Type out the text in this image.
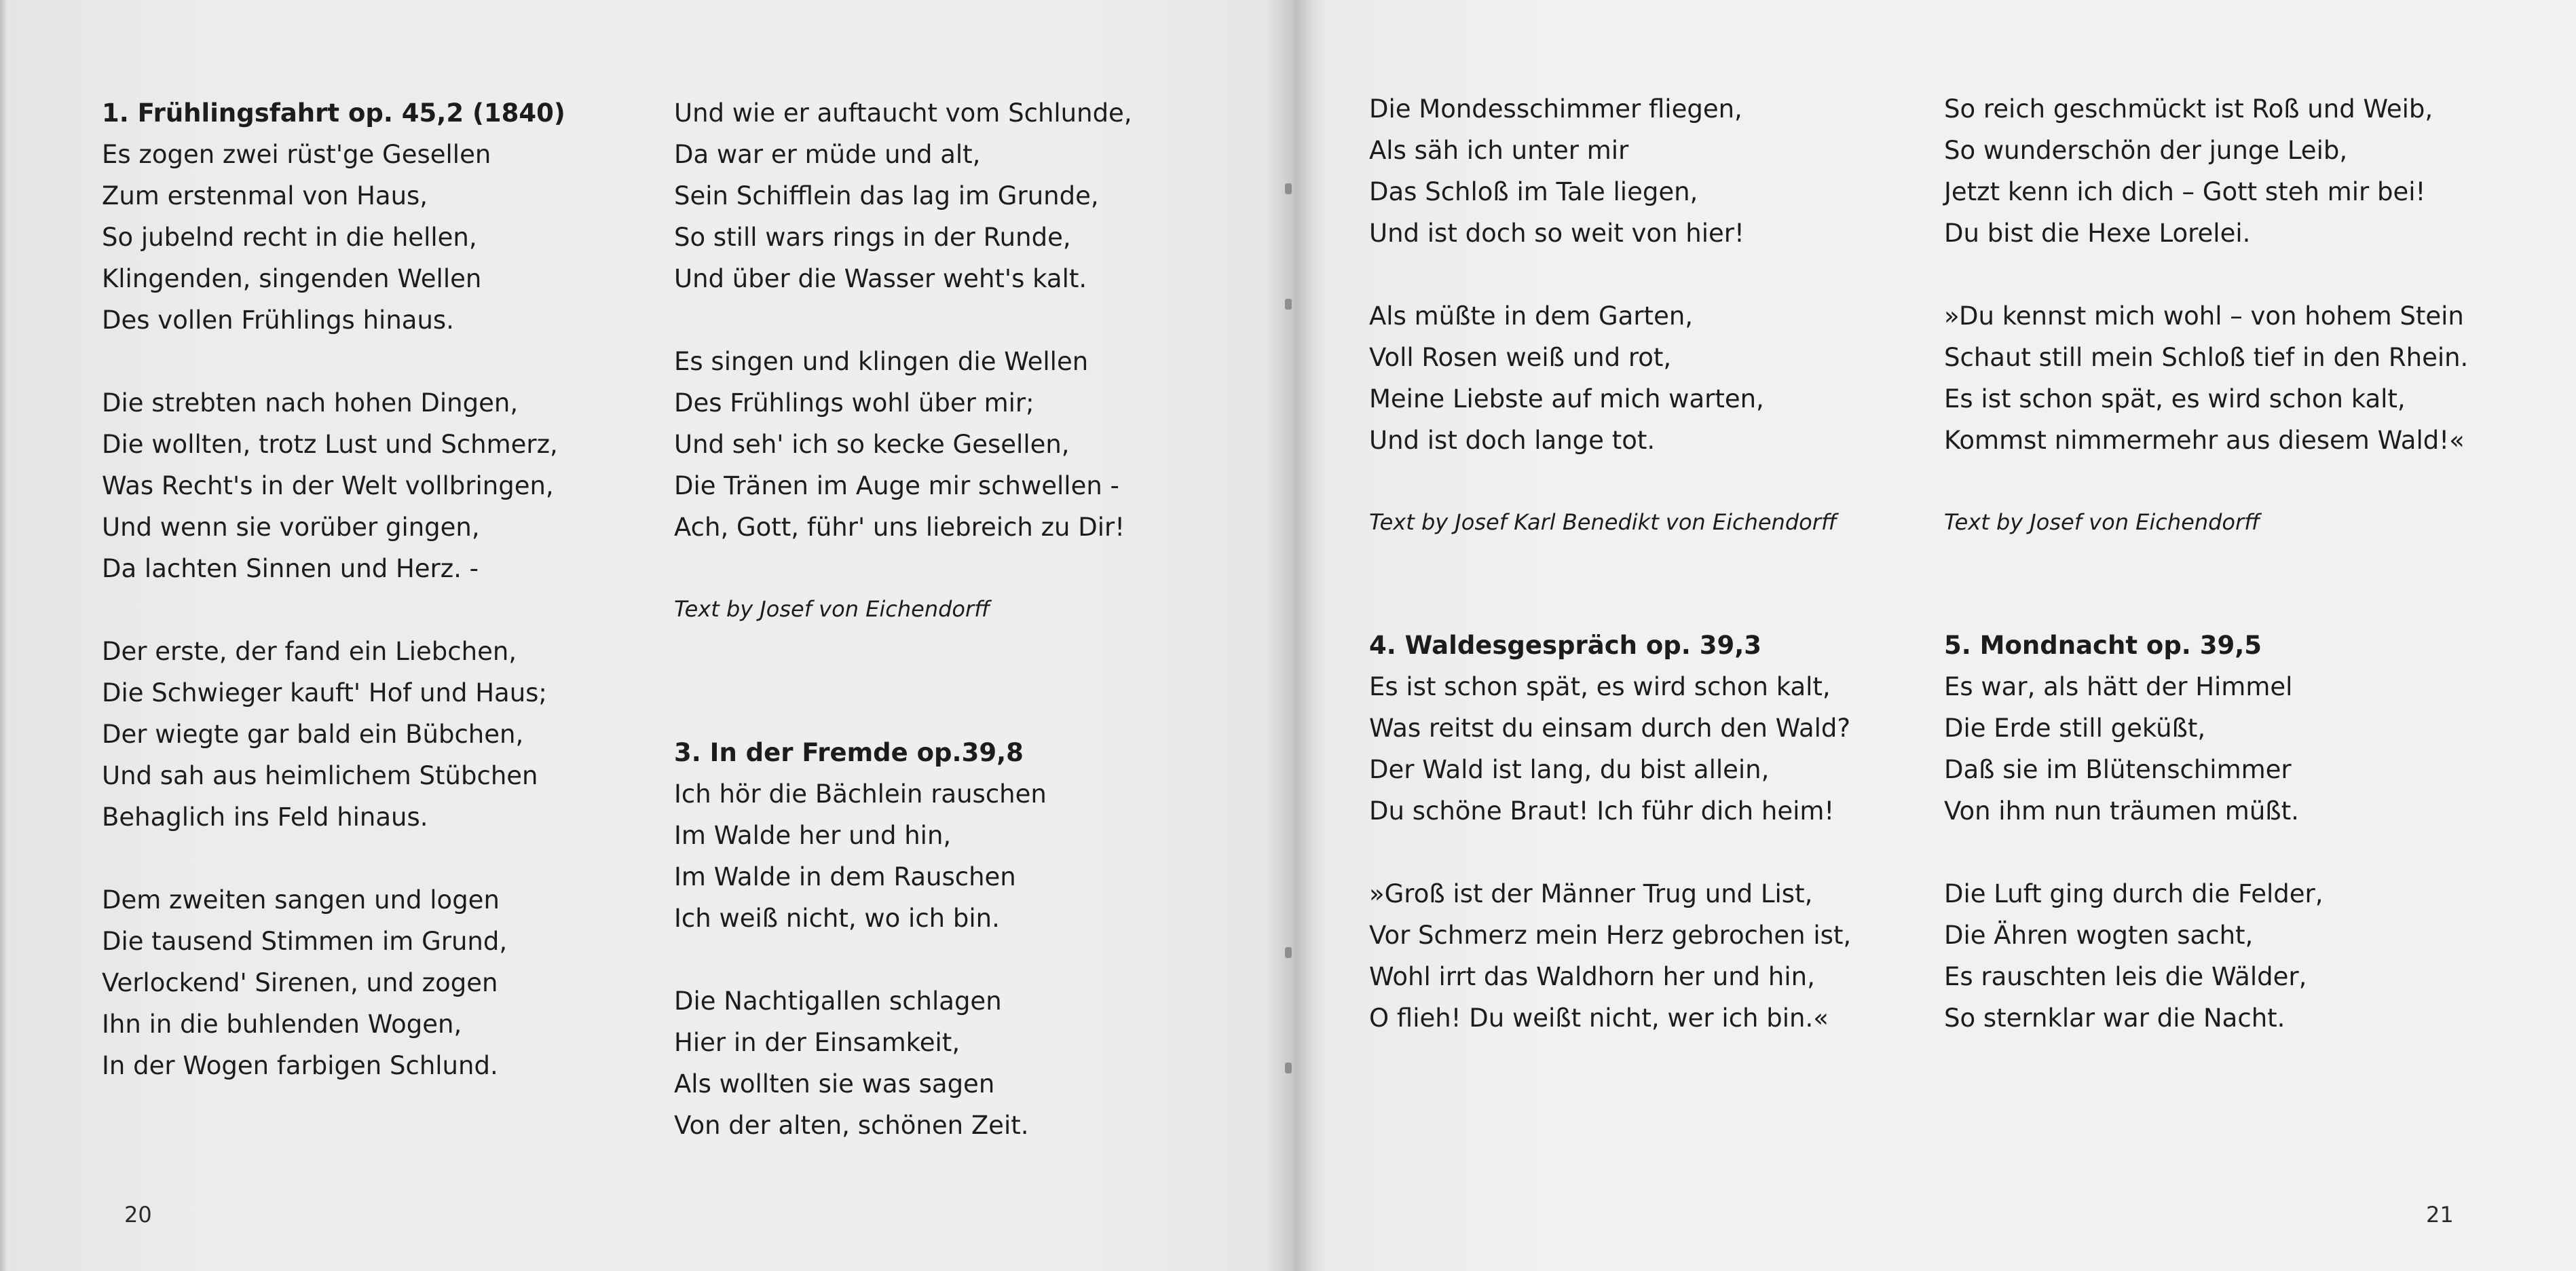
1. Frühlingsfahrt op. 45,2 (1840)

Es zogen zwei rüst'ge Gesellen

Zum erstenmal von Haus,

So jubelnd recht in die hellen,

Klingenden, singenden Wellen

Des vollen Frühlings hinaus.

Die strebten nach hohen Dingen,

Die wollten, trotz Lust und Schmerz,

Was Recht's in der Welt vollbringen,

Und wenn sie vorüber gingen,

Da lachten Sinnen und Herz. -

Der erste, der fand ein Liebchen,

Die Schwieger kauft' Hof und Haus;

Der wiegte gar bald ein Bübchen,

Und sah aus heimlichem Stübchen

Behaglich ins Feld hinaus.

Dem zweiten sangen und logen

Die tausend Stimmen im Grund,

Verlockend' Sirenen, und zogen

Ihn in die buhlenden Wogen,

In der Wogen farbigen Schlund.

Und wie er auftaucht vom Schlunde,

Da war er müde und alt,

Sein Schifflein das lag im Grunde,

So still wars rings in der Runde,

Und über die Wasser weht's kalt.

Es singen und klingen die Wellen

Des Frühlings wohl über mir;

Und seh' ich so kecke Gesellen,

Die Tränen im Auge mir schwellen -

Ach, Gott, führ' uns liebreich zu Dir!

Text by Josef von Eichendorff

3. In der Fremde op.39,8

Ich hör die Bächlein rauschen

Im Walde her und hin,

Im Walde in dem Rauschen

Ich weiß nicht, wo ich bin.

Die Nachtigallen schlagen

Hier in der Einsamkeit,

Als wollten sie was sagen

Von der alten, schönen Zeit.

Die Mondesschimmer fliegen,

Als säh ich unter mir

Das Schloß im Tale liegen,

Und ist doch so weit von hier!

Als müßte in dem Garten,

Voll Rosen weiß und rot,

Meine Liebste auf mich warten,

Und ist doch lange tot.

Text by Josef Karl Benedikt von Eichendorff

4. Waldesgespräch op. 39,3

Es ist schon spät, es wird schon kalt,

Was reitst du einsam durch den Wald?

Der Wald ist lang, du bist allein,

Du schöne Braut! Ich führ dich heim!

»Groß ist der Männer Trug und List,

Vor Schmerz mein Herz gebrochen ist,

Wohl irrt das Waldhorn her und hin,

O flieh! Du weißt nicht, wer ich bin.«

So reich geschmückt ist Roß und Weib,

So wunderschön der junge Leib,

Jetzt kenn ich dich – Gott steh mir bei!

Du bist die Hexe Lorelei.

»Du kennst mich wohl – von hohem Stein

Schaut still mein Schloß tief in den Rhein.

Es ist schon spät, es wird schon kalt,

Kommst nimmermehr aus diesem Wald!«

Text by Josef von Eichendorff

5. Mondnacht op. 39,5

Es war, als hätt der Himmel

Die Erde still geküßt,

Daß sie im Blütenschimmer

Von ihm nun träumen müßt.

Die Luft ging durch die Felder,

Die Ähren wogten sacht,

Es rauschten leis die Wälder,

So sternklar war die Nacht.

20	21
